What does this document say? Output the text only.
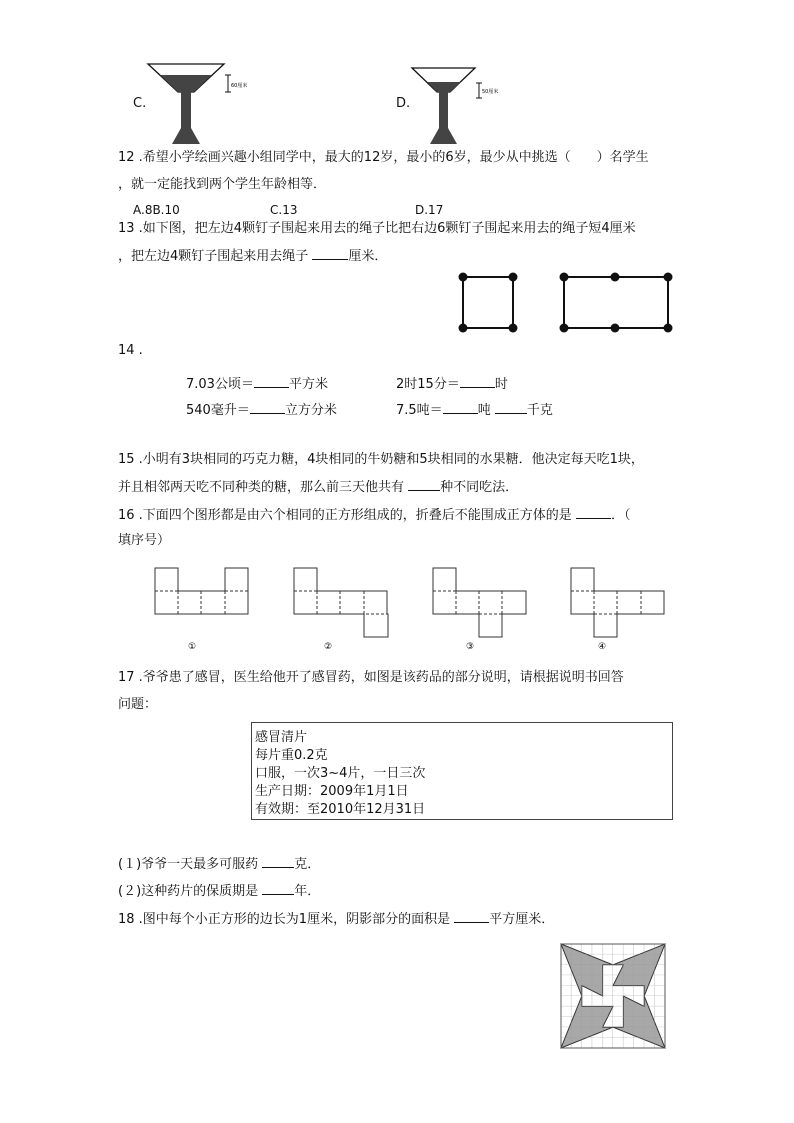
C.
60厘米
D.
50厘米
12 .希望小学绘画兴趣小组同学中，最大的12岁，最小的6岁，最少从中挑选（　　）名学生
，就一定能找到两个学生年龄相等．
A.8B.10	C.13	D.17
13 .如下图，把左边4颗钉子围起来用去的绳子比把右边6颗钉子围起来用去的绳子短4厘米
，把左边4颗钉子围起来用去绳子	厘米．
14 .
7.03公顷＝	平方米	2时15分＝	时
540毫升＝	立方分米	7.5吨＝	吨 千克
15 .小明有3块相同的巧克力糖，4块相同的牛奶糖和5块相同的水果糖．他决定每天吃1块，
并且相邻两天吃不同种类的糖，那么前三天他共有 种不同吃法．
16 .下面四个图形都是由六个相同的正方形组成的，折叠后不能围成正方体的是	．（
填序号）
①	②	③	④
17 .爷爷患了感冒，医生给他开了感冒药，如图是该药品的部分说明，请根据说明书回答
问题：
感冒清片
每片重0.2克
口服，一次3~4片，一日三次
生产日期：2009年1月1日
有效期：至2010年12月31日
(１)爷爷一天最多可服药 克．
(２)这种药片的保质期是 年．
18 .图中每个小正方形的边长为1厘米，阴影部分的面积是	平方厘米．
